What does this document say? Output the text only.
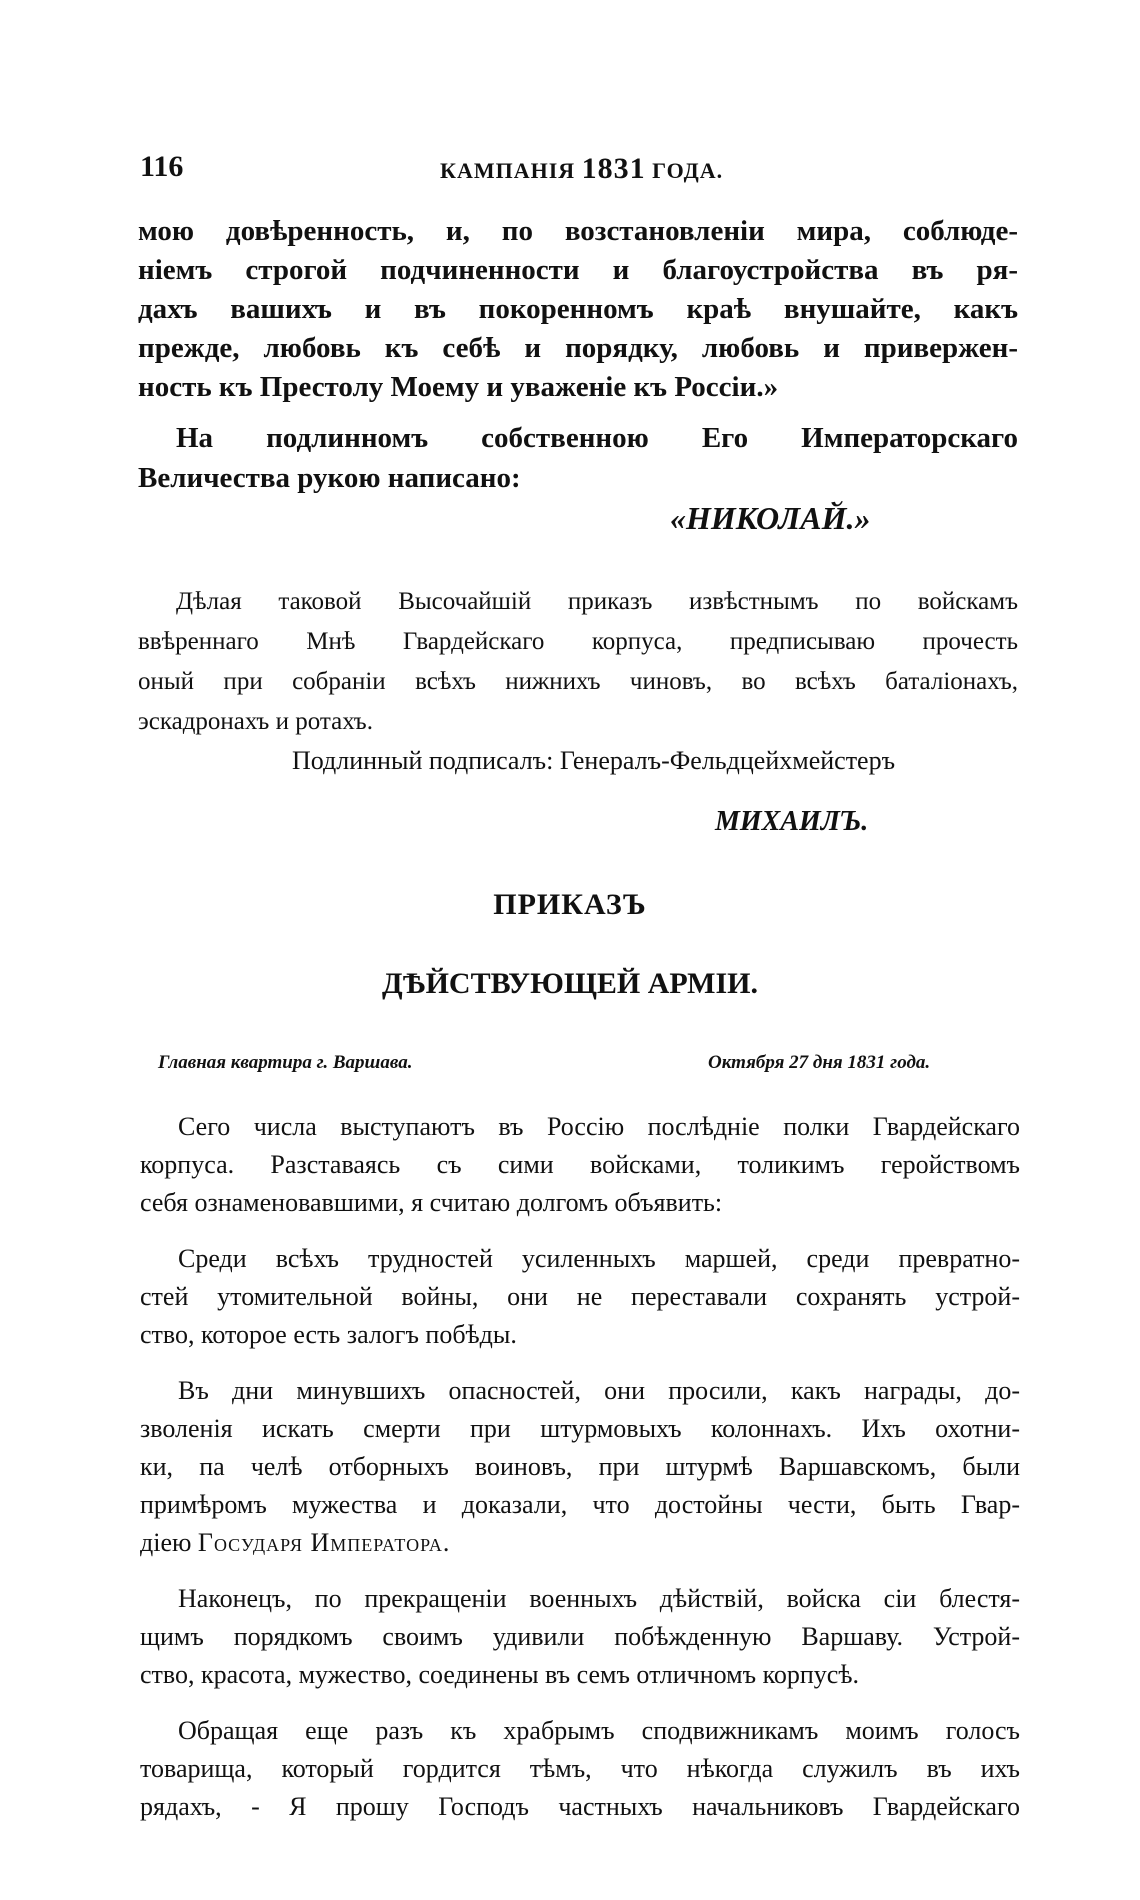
116	КАМПАНІЯ 1831 ГОДА.
мою довѣренность, и, по возстановленіи мира, соблюде-
ніемъ строгой подчиненности и благоустройства въ ря-
дахъ вашихъ и въ покоренномъ краѣ внушайте, какъ
прежде, любовь къ себѣ и порядку, любовь и привержен-
ность къ Престолу Моему и уваженіе къ Россіи.»
На подлинномъ собственною Его Императорскаго
Величества рукою написано:
«НИКОЛАЙ.»
Дѣлая таковой Высочайшій приказъ извѣстнымъ по войскамъ
ввѣреннаго Мнѣ Гвардейскаго корпуса, предписываю прочесть
оный при собраніи всѣхъ нижнихъ чиновъ, во всѣхъ баталіонахъ,
эскадронахъ и ротахъ.
Подлинный подписалъ: Генералъ-Фельдцейхмейстеръ
МИХАИЛЪ.
ПРИКАЗЪ
ДѢЙСТВУЮЩЕЙ АРМІИ.
Главная квартира г. Варшава.	Октября 27 дня 1831 года.
Сего числа выступаютъ въ Россію послѣдніе полки Гвардейскаго
корпуса. Разставаясь съ сими войсками, толикимъ геройствомъ
себя ознаменовавшими, я считаю долгомъ объявить:
Среди всѣхъ трудностей усиленныхъ маршей, среди превратно-
стей утомительной войны, они не переставали сохранять устрой-
ство, которое есть залогъ побѣды.
Въ дни минувшихъ опасностей, они просили, какъ награды, до-
зволенія искать смерти при штурмовыхъ колоннахъ. Ихъ охотни-
ки, па челѣ отборныхъ воиновъ, при штурмѣ Варшавскомъ, были
примѣромъ мужества и доказали, что достойны чести, быть Гвар-
діею Государя Императора.
Наконецъ, по прекращеніи военныхъ дѣйствій, войска сіи блестя-
щимъ порядкомъ своимъ удивили побѣжденную Варшаву. Устрой-
ство, красота, мужество, соединены въ семъ отличномъ корпусѣ.
Обращая еще разъ къ храбрымъ сподвижникамъ моимъ голосъ
товарища, который гордится тѣмъ, что нѣкогда служилъ въ ихъ
рядахъ, - Я прошу Господъ частныхъ начальниковъ Гвардейскаго
